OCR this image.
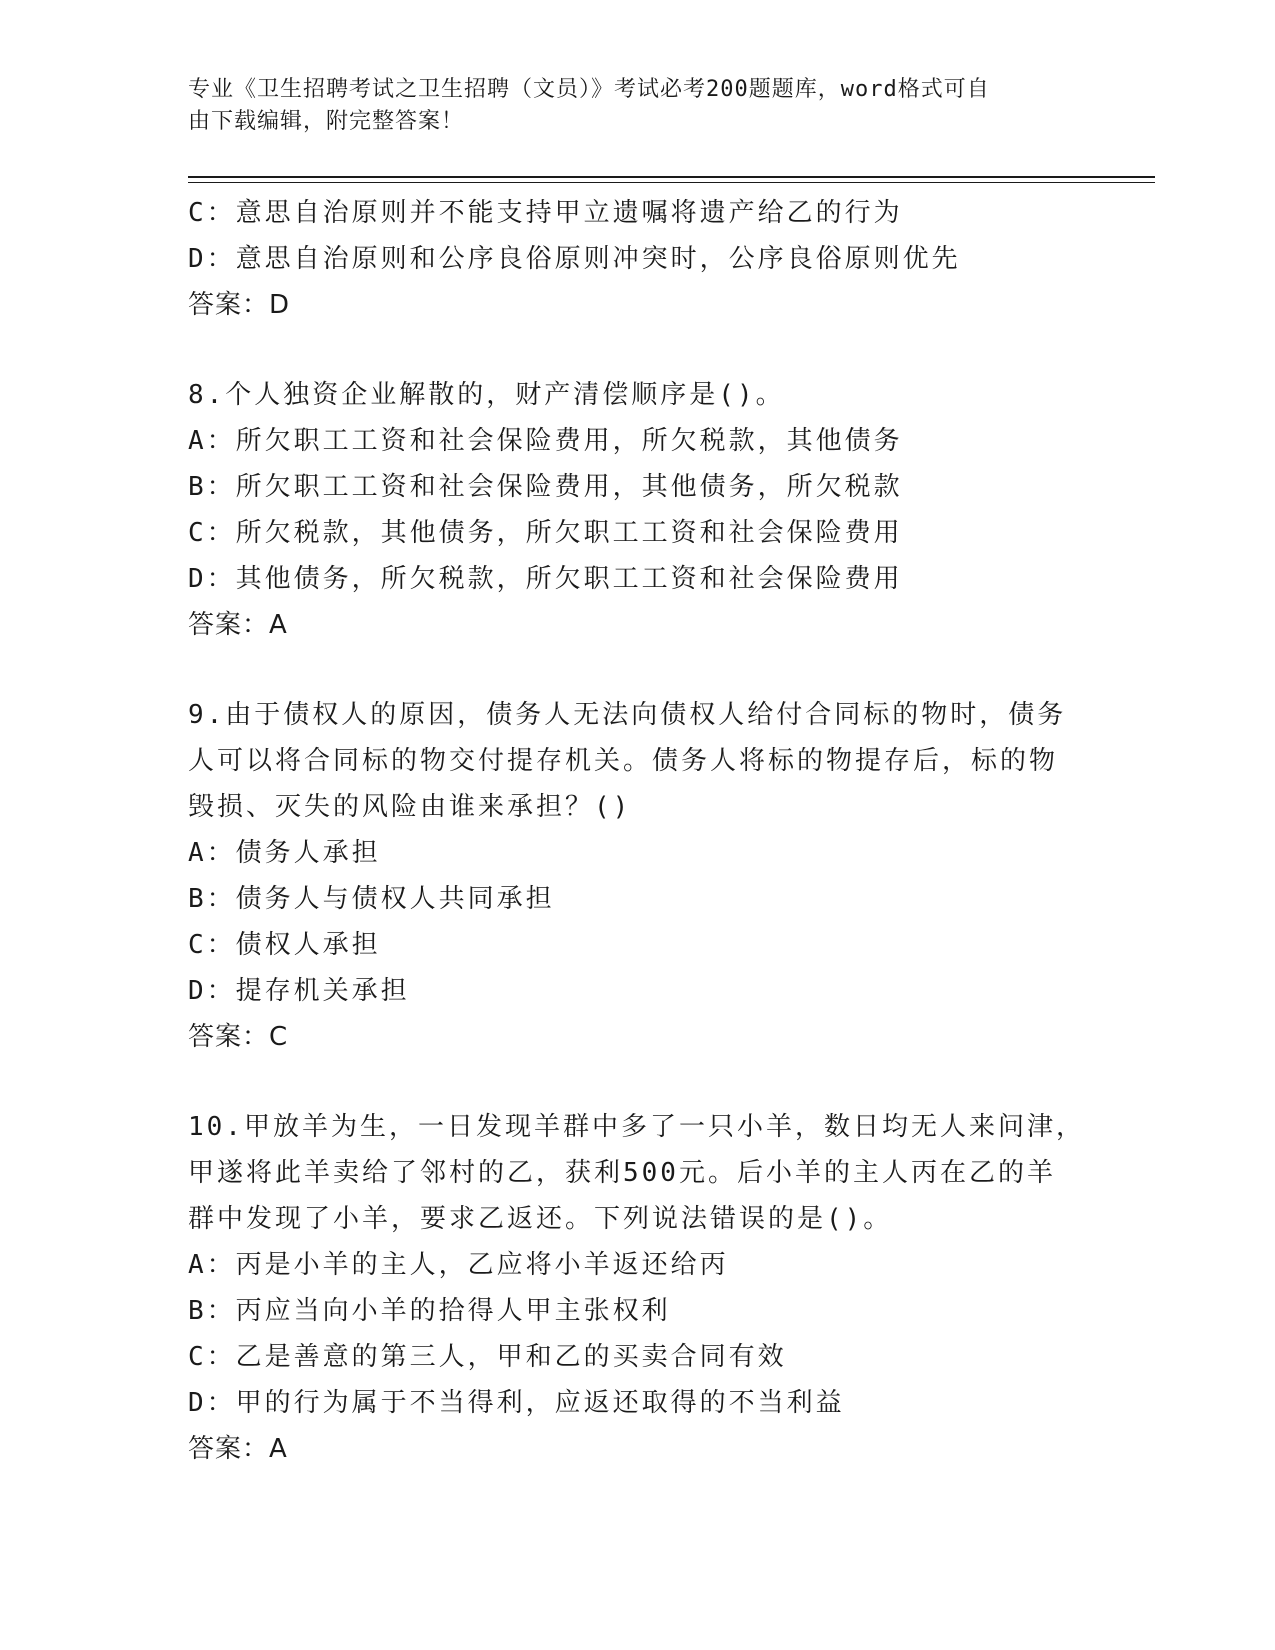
专业《卫生招聘考试之卫生招聘（文员）》考试必考200题题库，word格式可自
由下载编辑，附完整答案！
C：意思自治原则并不能支持甲立遗嘱将遗产给乙的行为
D：意思自治原则和公序良俗原则冲突时，公序良俗原则优先
答案：D
8.个人独资企业解散的，财产清偿顺序是()。
A：所欠职工工资和社会保险费用，所欠税款，其他债务
B：所欠职工工资和社会保险费用，其他债务，所欠税款
C：所欠税款，其他债务，所欠职工工资和社会保险费用
D：其他债务，所欠税款，所欠职工工资和社会保险费用
答案：A
9.由于债权人的原因，债务人无法向债权人给付合同标的物时，债务
人可以将合同标的物交付提存机关。债务人将标的物提存后，标的物
毁损、灭失的风险由谁来承担？()
A：债务人承担
B：债务人与债权人共同承担
C：债权人承担
D：提存机关承担
答案：C
10.甲放羊为生，一日发现羊群中多了一只小羊，数日均无人来问津，
甲遂将此羊卖给了邻村的乙，获利500元。后小羊的主人丙在乙的羊
群中发现了小羊，要求乙返还。下列说法错误的是()。
A：丙是小羊的主人，乙应将小羊返还给丙
B：丙应当向小羊的拾得人甲主张权利
C：乙是善意的第三人，甲和乙的买卖合同有效
D：甲的行为属于不当得利，应返还取得的不当利益
答案：A
